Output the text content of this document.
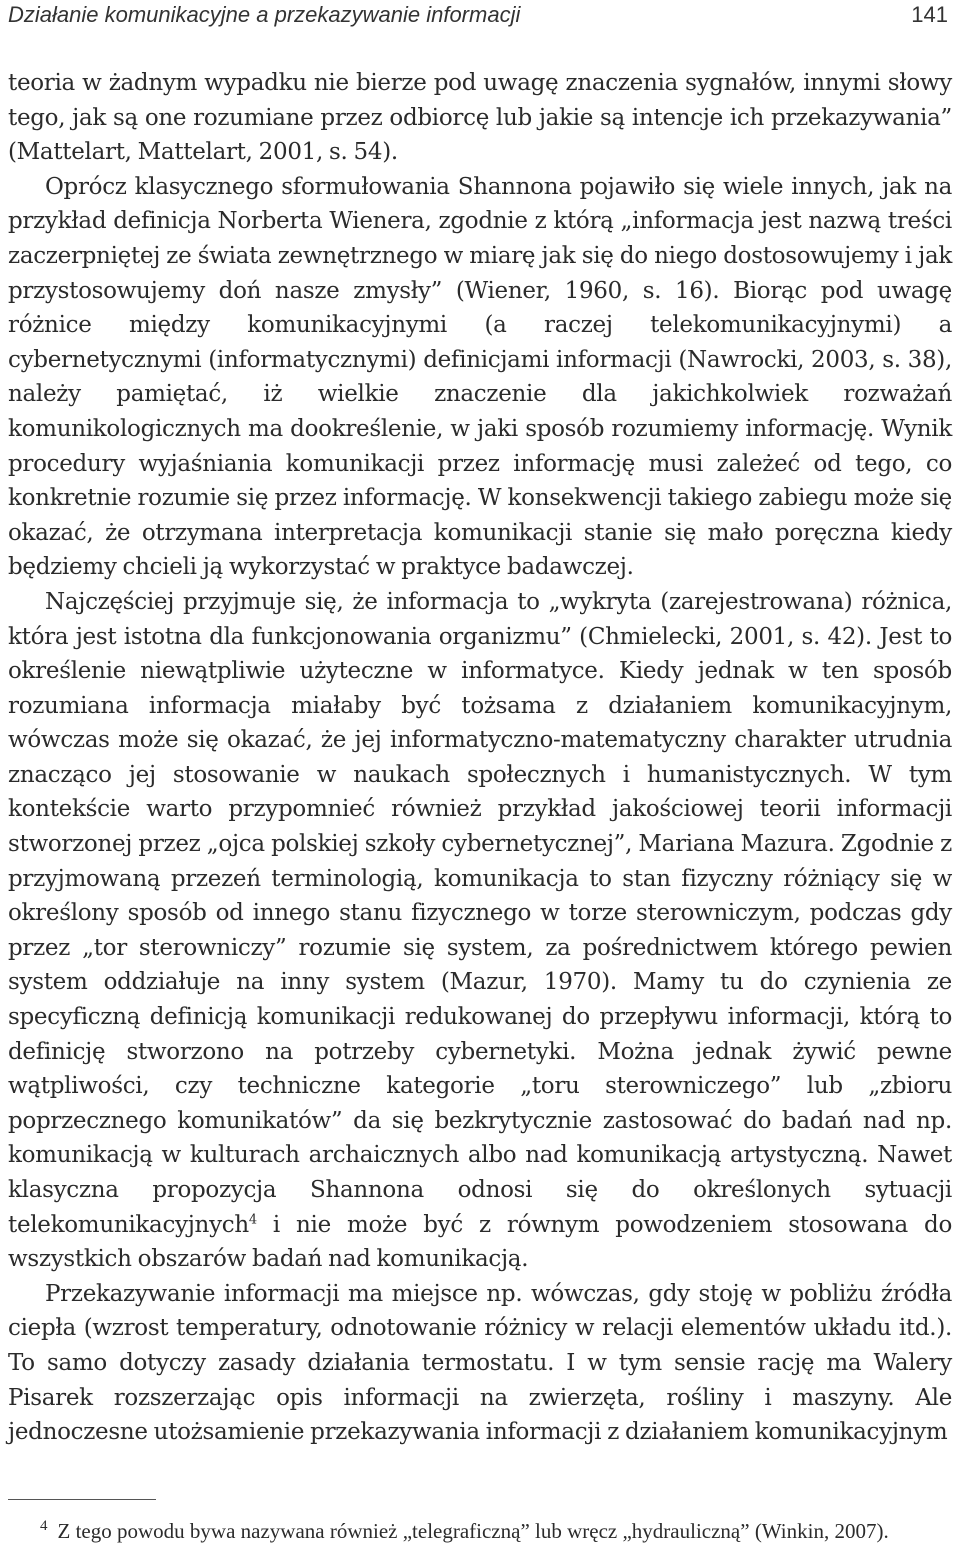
Działanie komunikacyjne a przekazywanie informacji	141

teoria w żadnym wypadku nie bierze pod uwagę znaczenia sygnałów, innymi słowy tego, jak są one rozumiane przez odbiorcę lub jakie są intencje ich przekazywania” (Mattelart, Mattelart, 2001, s. 54).

Oprócz klasycznego sformułowania Shannona pojawiło się wiele innych, jak na przykład definicja Norberta Wienera, zgodnie z którą „informacja jest nazwą treści zaczerpniętej ze świata zewnętrznego w miarę jak się do niego dostosowujemy i jak przystosowujemy doń nasze zmysły” (Wiener, 1960, s. 16). Biorąc pod uwagę różnice między komunikacyjnymi (a raczej telekomunikacyjnymi) a cybernetycznymi (informatycznymi) definicjami informacji (Nawrocki, 2003, s. 38), należy pamiętać, iż wielkie znaczenie dla jakichkolwiek rozważań komunikologicznych ma dookreślenie, w jaki sposób rozumiemy informację. Wynik procedury wyjaśniania komunikacji przez informację musi zależeć od tego, co konkretnie rozumie się przez informację. W konsekwencji takiego zabiegu może się okazać, że otrzymana interpretacja komunikacji stanie się mało poręczna kiedy będziemy chcieli ją wykorzystać w praktyce badawczej.

Najczęściej przyjmuje się, że informacja to „wykryta (zarejestrowana) różnica, która jest istotna dla funkcjonowania organizmu” (Chmielecki, 2001, s. 42). Jest to określenie niewątpliwie użyteczne w informatyce. Kiedy jednak w ten sposób rozumiana informacja miałaby być tożsama z działaniem komunikacyjnym, wówczas może się okazać, że jej informatyczno-matematyczny charakter utrudnia znacząco jej stosowanie w naukach społecznych i humanistycznych. W tym kontekście warto przypomnieć również przykład jakościowej teorii informacji stworzonej przez „ojca polskiej szkoły cybernetycznej”, Mariana Mazura. Zgodnie z przyjmowaną przezeń terminologią, komunikacja to stan fizyczny różniący się w określony sposób od innego stanu fizycznego w torze sterowniczym, podczas gdy przez „tor sterowniczy” rozumie się system, za pośrednictwem którego pewien system oddziałuje na inny system (Mazur, 1970). Mamy tu do czynienia ze specyficzną definicją komunikacji redukowanej do przepływu informacji, którą to definicję stworzono na potrzeby cybernetyki. Można jednak żywić pewne wątpliwości, czy techniczne kategorie „toru sterowniczego” lub „zbioru poprzecznego komunikatów” da się bezkrytycznie zastosować do badań nad np. komunikacją w kulturach archaicznych albo nad komunikacją artystyczną. Nawet klasyczna propozycja Shannona odnosi się do określonych sytuacji telekomunikacyjnych$^4$ i nie może być z równym powodzeniem stosowana do wszystkich obszarów badań nad komunikacją.

Przekazywanie informacji ma miejsce np. wówczas, gdy stoję w pobliżu źródła ciepła (wzrost temperatury, odnotowanie różnicy w relacji elementów układu itd.). To samo dotyczy zasady działania termostatu. I w tym sensie rację ma Walery Pisarek rozszerzając opis informacji na zwierzęta, rośliny i maszyny. Ale jednoczesne utożsamienie przekazywania informacji z działaniem komunikacyjnym

$^4$ Z tego powodu bywa nazywana również „telegraficzną” lub wręcz „hydrauliczną” (Winkin, 2007).
